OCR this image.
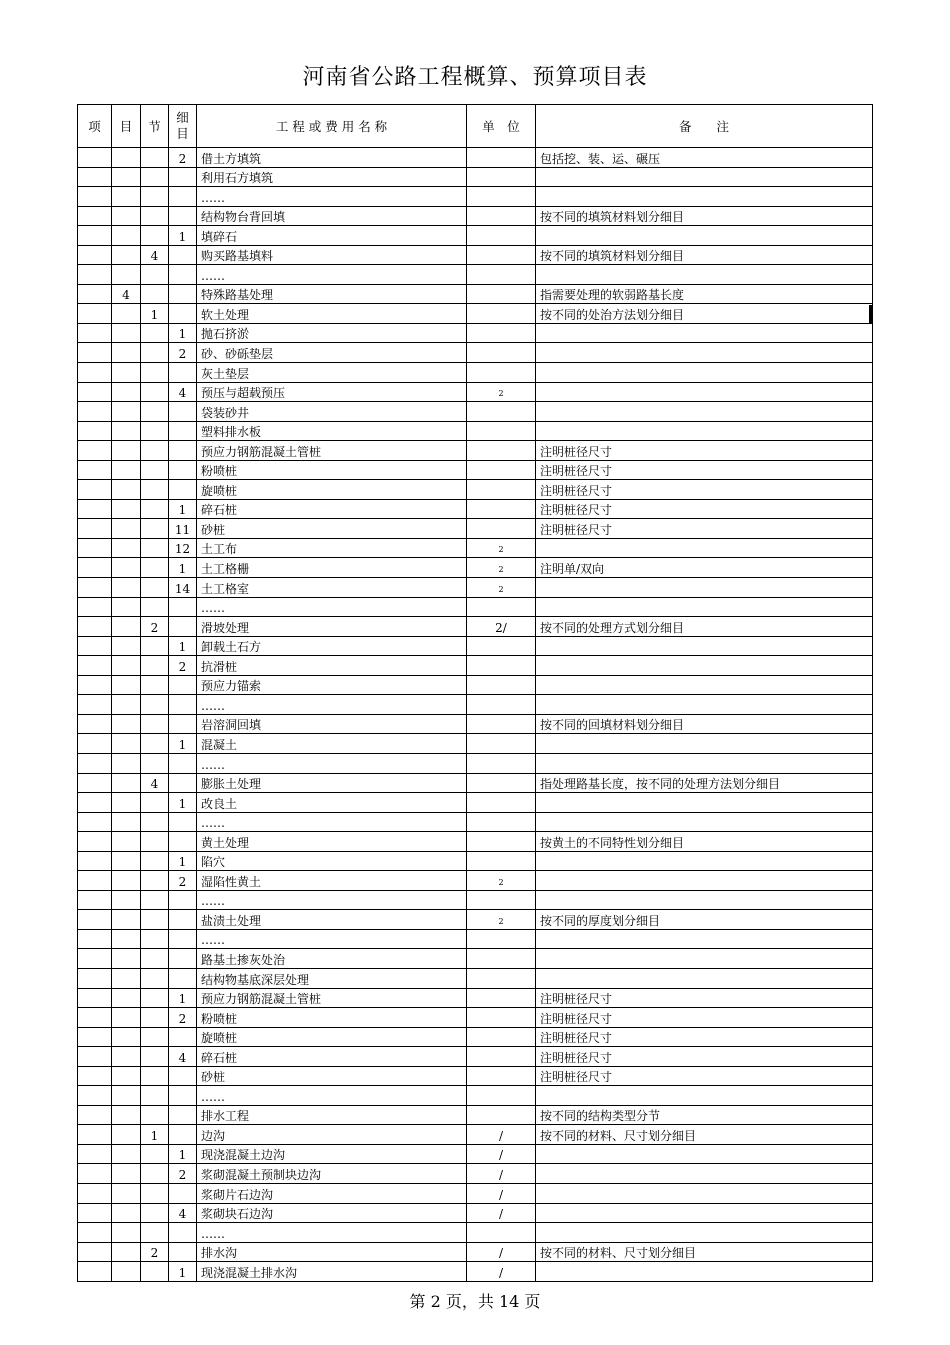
河南省公路工程概算、预算项目表
项	目	节	细目	工 程 或 费 用 名 称	单　位	备　　注
			2	借土方填筑		包括挖、装、运、碾压
				利用石方填筑		
				……		
				结构物台背回填		按不同的填筑材料划分细目
			1	填碎石		
		4		购买路基填料		按不同的填筑材料划分细目
				……		
	4			特殊路基处理		指需要处理的软弱路基长度
		1		软土处理		按不同的处治方法划分细目
			1	抛石挤淤		
			2	砂、砂砾垫层		
				灰土垫层		
			4	预压与超载预压	2	
				袋装砂井		
				塑料排水板		
				预应力钢筋混凝土管桩		注明桩径尺寸
				粉喷桩		注明桩径尺寸
				旋喷桩		注明桩径尺寸
			1	碎石桩		注明桩径尺寸
			11	砂桩		注明桩径尺寸
			12	土工布	2	
			1	土工格栅	2	注明单/双向
			14	土工格室	2	
				……		
		2		滑坡处理	2/	按不同的处理方式划分细目
			1	卸载土石方		
			2	抗滑桩		
				预应力锚索		
				……		
				岩溶洞回填		按不同的回填材料划分细目
			1	混凝土		
				……		
		4		膨胀土处理		指处理路基长度，按不同的处理方法划分细目
			1	改良土		
				……		
				黄土处理		按黄土的不同特性划分细目
			1	陷穴		
			2	湿陷性黄土	2	
				……		
				盐渍土处理	2	按不同的厚度划分细目
				……		
				路基土掺灰处治		
				结构物基底深层处理		
			1	预应力钢筋混凝土管桩		注明桩径尺寸
			2	粉喷桩		注明桩径尺寸
				旋喷桩		注明桩径尺寸
			4	碎石桩		注明桩径尺寸
				砂桩		注明桩径尺寸
				……		
				排水工程		按不同的结构类型分节
		1		边沟	/	按不同的材料、尺寸划分细目
			1	现浇混凝土边沟	/	
			2	浆砌混凝土预制块边沟	/	
				浆砌片石边沟	/	
			4	浆砌块石边沟	/	
				……		
		2		排水沟	/	按不同的材料、尺寸划分细目
			1	现浇混凝土排水沟	/	
第 2 页，共 14 页
